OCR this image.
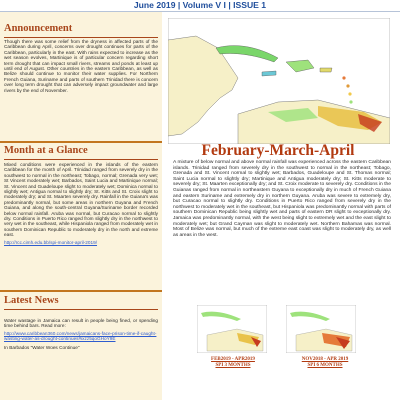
June 2019 | Volume V I | ISSUE 1
Announcement

Though there was some relief from the dryness in affected parts of the Caribbean during April, concerns over drought continues for parts of the Caribbean, particularly in the east. With rains expected to increase as the wet season evolves, Martinique is of particular concern regarding short term drought that can impact small rivers, streams and ponds at least up until end of August. Other countries in the eastern Caribbean, as well as Belize should continue to monitor their water supplies. For Northern French Guiana, Suriname and parts of southern Trinidad there is concern over long term drought that can adversely impact groundwater and large rivers by the end of November.

Month at a Glance

Mixed conditions were experienced in the islands of the eastern Caribbean for the month of April. Trinidad ranged from severely dry in the southwest to normal in the northeast; Tobago, normal; Grenada very wet; St Vincent moderately wet; Barbados, Saint Lucia and Martinique normal; St. Vincent and Guadeloupe slight to moderately wet; Dominica normal to slightly wet; Antigua normal to slightly dry; St. Kitts and St. Croix slight to moderately dry; and St. Maarten severely dry. Rainfall in the Guiana's was predominantly normal, but some areas in northern Guyana and French Guiana, and along the south-central Guyana/Suriname border recorded below normal rainfall. Aruba was normal, but Curacao normal to slightly dry. Conditions in Puerto Rico ranged from slightly dry in the northwest to very wet in the southeast, while Hispaniola ranged from moderately wet in southern Dominican Republic to moderately dry in the north and extreme east.

http://rcc.cimh.edu.bb/spi-monitor-april-2019/

Latest News

Water wastage in Jamaica can result in people being fined, or spending time behind bars. Read more:

http://www.caribbean360.com/news/jamaicans-face-prison-time-if-caught-wasting-water-as-drought-continues#ixzz5qoGHoY9E

In Barbados "Water Woes Continue"

February-March-April
A mixture of below normal and above normal rainfall was experienced across the eastern Caribbean islands. Trinidad ranged from severely dry in the southwest to normal in the northeast; Tobago, Grenada and St. Vincent normal to slightly wet; Barbados, Guadeloupe and St. Thomas normal; Saint Lucia normal to slightly dry; Martinique and Antigua moderately dry; St. Kitts moderate to severely dry; St. Maarten exceptionally dry; and St. Croix moderate to severely dry. Conditions in the Guianas ranged from normal in northeastern Guyana to exceptionally dry in much of French Guiana and eastern Suriname and extremely dry in northern Guyana. Aruba was severe to extremely dry, but Curacao normal to slightly dry. Conditions in Puerto Rico ranged from severely dry in the northwest to moderately wet in the southeast, but Hispaniola was predominantly normal with parts of southern Dominican Republic being slightly wet and parts of eastern DR slight to exceptionally dry. Jamaica was predominantly normal, with the west being slight to extremely wet and the east slight to moderately wet; but Grand Cayman was slight to moderately wet. Northern Bahamas was normal. Most of Belize was normal, but much of the extreme east coast was slight to moderately dry, as well as areas in the west.
FEB2019 - APR2019
SPI 3 MONTHS
NOV2018 - APR 2019
SPI 6 MONTHS
